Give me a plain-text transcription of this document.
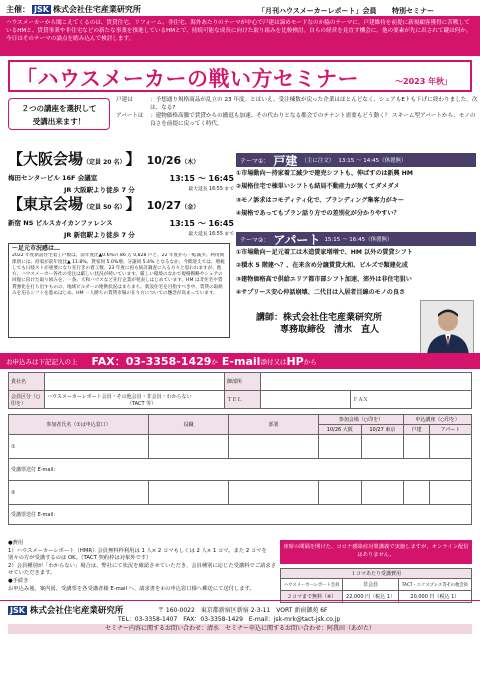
主催： JSK 株式会社住宅産業研究所	「月刊ハウスメーカーレポート」会員 特別セミナー
ハウスメーカーから聞こえてくるのは、賃貸住宅、リフォーム、非住宅、海外あたりのテーマが中心で戸建は諦めモードなのか脇のテーマに。戸建維持を前提に新規顧客獲得に苦戦しているHMと、賃貸事業や非住宅などの新たな事業を推進しているHMとで、持続可能な成長に向けた取り組みを比較検討。自らの経営を見直す機会に。他の要素が先に出されて鍵は何か。今日はそのテーマの論点を踏み込んで検討します。
「ハウスメーカーの戦い方セミナー	～2023 年秋」
２つの講座を選択して
受講出来ます！
戸建は	：予想通り規格商品が乱立の 23 年度。とはいえ、受注棟数が戻った企業はほとんどなく、シェアもEトも下げに終わりました。次は、なる?
アパートは	：建物価格高騰で賃貸からの撤退も加速、その代わりとなる都会でのテナント需要もどう動く？ スキーム型アパートから、モノの良さを前提に戻ってく時代。
【大阪会場 （定員 20 名） 】 10/26 （木）
梅田センタービル 16F 会議室	13:15 ～ 16:45
JR 大阪駅より徒歩 7 分	最大延長 16:55 まで
【東京会場 （定員 50 名） 】 10/27 （金）
新宿 NS ビルスカイカンファレンス	13:15 ～ 16:45
JR 新宿駅より徒歩 7 分	最大延長 16:55 まで
～足元市況感は…
2022 年度新設住宅着工戸数は、前年度比▲0.6%の 86 万 0,828 戸と、22 年度から一転減少。利用関係別には、持家が前年度比▲ 11.8%、貸家同 5.0%増、分譲同 5.4% となるなか、今期迎えては、増税しても日経ストが重要になり先行きの着工数、23 年度に再も統計調査に入る方々と思われますが、他方、ハウスメーカー各社の受注は厳しい状況が続いています。厳しい環境のなかで規格戦略やシェアの回復に向けた取り組みを、一条、大和ハウスなど先行企業が発表しはじめています。HM は非住宅や賃貸強化を打ち出すものの、地域ビルダーの連携状況はまちまち。新設住宅を目指すべき中、賃貸の取組みを迫るシフトを進めはじめ、HM 一人勝ちの賃貸市場の在り方についての懸念が高まっています。
テーマ①： 戸建 （主に注文） 13:15 ～ 14:45（休憩無）
①市場動向～持家着工減少で建売シフトも、伸ばすのは新興 HM
②規格住宅で棟単いシフトも結局不動産力が無くてダメダメ
③モノ訴求はコモディティ化で、ブランディング集客力がキー
④規格であってもプラン話り方での差別化が分かりやすい？
テーマ②： アパート 15:15 ～ 16:45（休憩無）
①市場動向～足元着工は木造賃家増増で、HM 以外の賃貸シフト
②積水 5 階建へ？、在来含め分譲賃貸大和、ビルズで類建化成
③建物価格高で供給エリア都市部シフト加速、郊外は非住宅狙い
④サプリース安心仲話崩壊、二代目は入居者目線のモノの良さ
講師：株式会社住宅産業研究所
専務取締役　 清水　直人
お申込みは下記記入の上 FAX：03-3358-1429 か E-mail 添付又は HP から
貴社名		御部所		
会員区分（○印を）	ハウスメーカーレポート会員・その他会員・非会員・わからない
（TACT 等）	ＴＥＬ		ＦＡＸ
参加者氏名（①は申込窓口）	役職	部署	参加会場（○印を）		申込講座（○印を）	
			10/26 大阪	10/27 東京	戸建	アパート
①						
受講票送付 E-mail：						
②						
受講票送付 E-mail：						
●費用
1）ハウスメーカーレポート（HMR）会員無料枠利用は 1 人× 2 コマもしくは 2 人× 1 コマ。また 2 コマを別々の方が受講するのは OK。（TACT 契約枠は対象外です）
2）会員種別が「わからない」場合は、弊社にて状況を確認させていただき、会員種別に応じた受講料でご請求させていただきます。
●手続き
お申込み後、案内図、受講票を各受講者様 E-mail へ、請求書を①の申込窓口様へ郵送にて送付します。
座席の間隔を開けた、コロナ感染症対策講義で実施しますが、オンライン配信はありません。
１コマあたり受講費用		
ハウスメーカーレポート会員	非会員	TACT・エクスプレス等その他会員
２コマまで無料（※）	22,000 円（税込 1）	20,000 円（税込 1）
JSK 株式会社住宅産業研究所	〒 160-0022　東京都新宿区新宿 2-3-11　VORT 新宿御苑 6F
TEL：03-3358-1407　FAX：03-3358-1429　E-mail：jsk-mrk@tact-jsk.co.jp
セミナー内容に関するお問い合わせ：清水　セミナー申込に関するお問い合わせ：阿我田（あがた）
